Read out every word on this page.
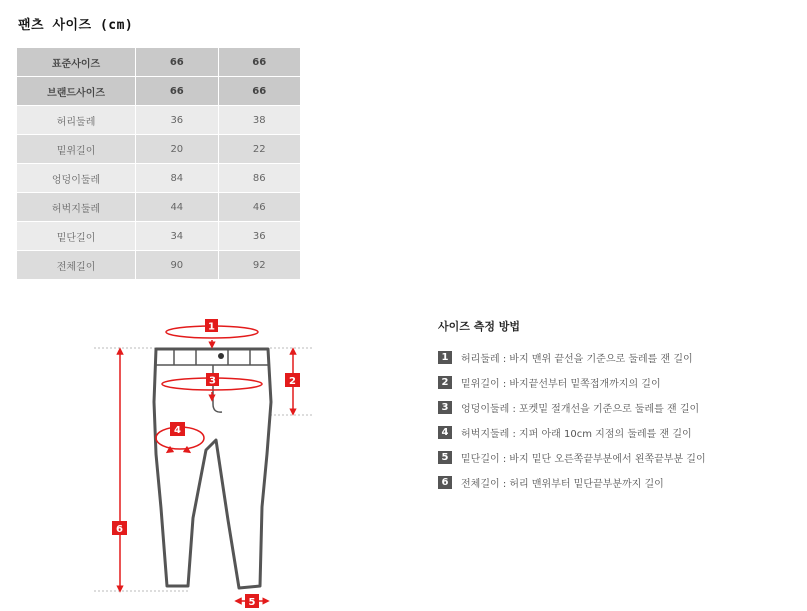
팬츠 사이즈 (cm)
표준사이즈	66	66
브랜드사이즈	66	66
허리둘레	36	38
밑위길이	20	22
엉덩이둘레	84	86
허벅지둘레	44	46
밑단길이	34	36
전체길이	90	92
1
2
3
4
5
6
사이즈 측정 방법
1	허리둘레 : 바지 맨위 끝선을 기준으로 둘레를 잰 길이
2	밑위길이 : 바지끝선부터 밑쪽접개까지의 길이
3	엉덩이둘레 : 포켓밑 절개선을 기준으로 둘레를 잰 길이
4	허벅지둘레 : 지퍼 아래 10cm 지점의 둘레를 잰 길이
5	밑단길이 : 바지 밑단 오른쪽끝부분에서 왼쪽끝부분 길이
6	전체길이 : 허리 맨위부터 밑단끝부분까지 길이
